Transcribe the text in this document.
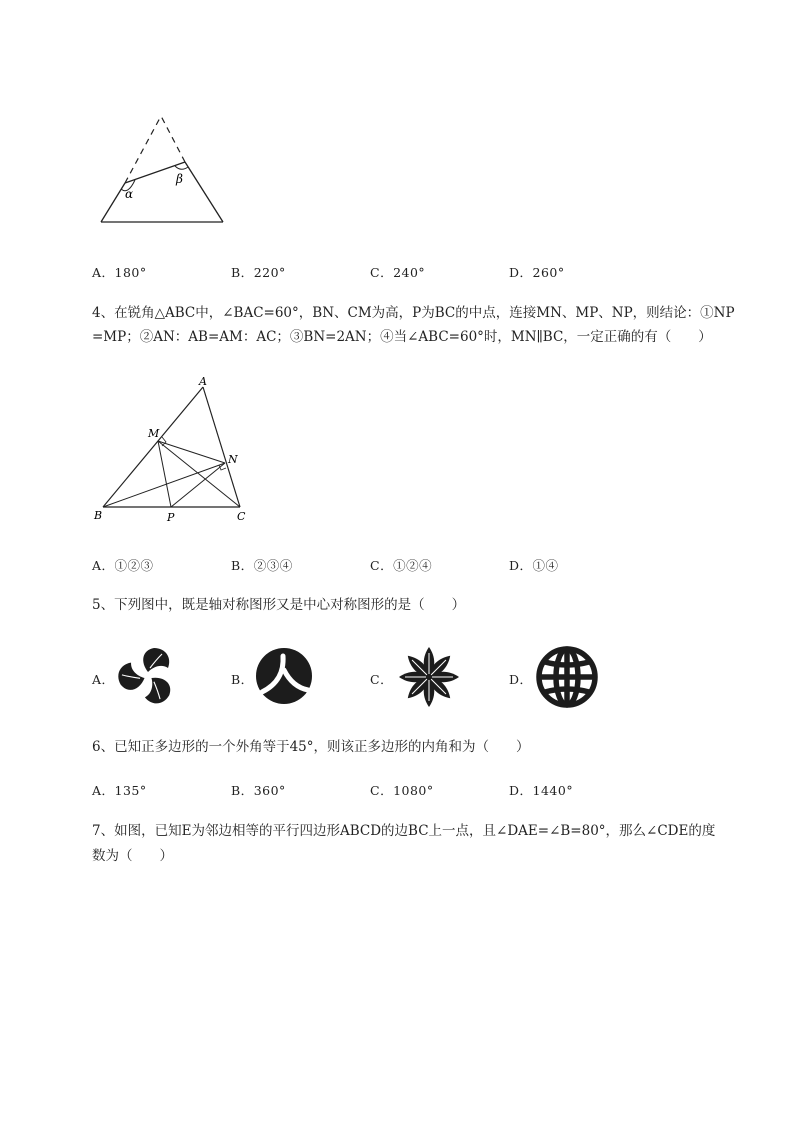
α
β
A．180°	B．220°	C．240°	D．260°
4、在锐角△ABC中，∠BAC=60°，BN、CM为高，P为BC的中点，连接MN、MP、NP，则结论：①NP
=MP；②AN：AB=AM：AC；③BN=2AN；④当∠ABC=60°时，MN∥BC，一定正确的有（　　）
A
B	C
M
N
P
A．①②③	B．②③④	C．①②④	D．①④
5、下列图中，既是轴对称图形又是中心对称图形的是（　　）
A．	B．	C．	D．
6、已知正多边形的一个外角等于45°，则该正多边形的内角和为（　　）
A．135°	B．360°	C．1080°	D．1440°
7、如图，已知E为邻边相等的平行四边形ABCD的边BC上一点，且∠DAE=∠B=80°，那么∠CDE的度
数为（　　）
